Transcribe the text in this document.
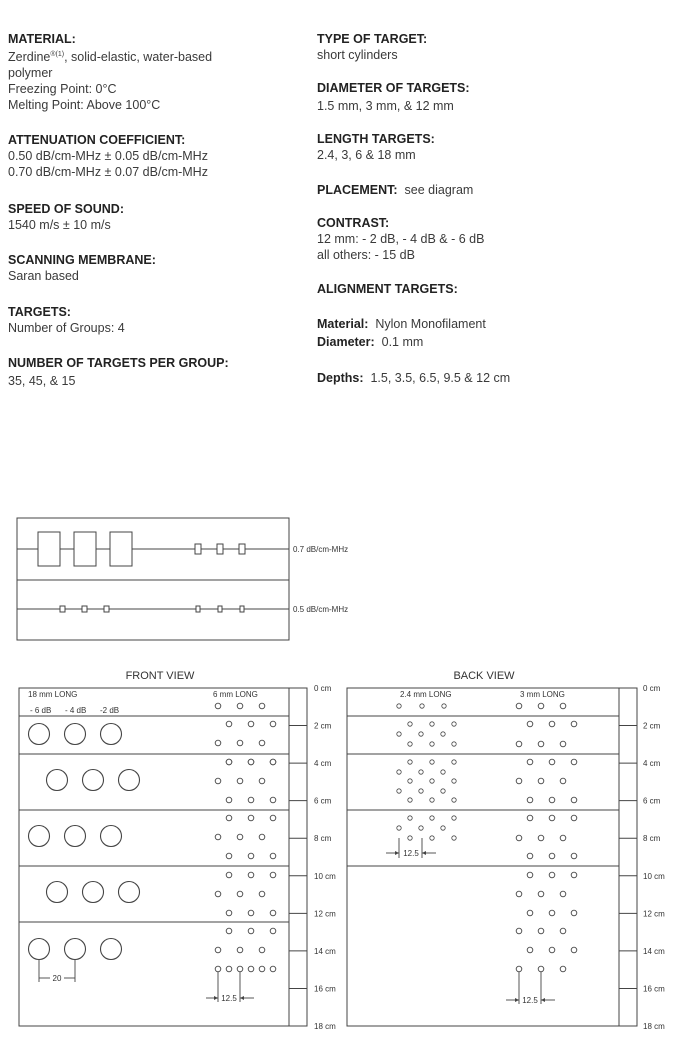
MATERIAL:
Zerdine$^{®(1)}$, solid-elastic, water-based
polymer
Freezing Point: 0°C
Melting Point: Above 100°C
ATTENUATION COEFFICIENT:
0.50 dB/cm-MHz ± 0.05 dB/cm-MHz
0.70 dB/cm-MHz ± 0.07 dB/cm-MHz
SPEED OF SOUND:
1540 m/s ± 10 m/s
SCANNING MEMBRANE:
Saran based
TARGETS:
Number of Groups: 4
NUMBER OF TARGETS PER GROUP:
35, 45, & 15
TYPE OF TARGET:
short cylinders
DIAMETER OF TARGETS:
1.5 mm, 3 mm, & 12 mm
LENGTH TARGETS:
2.4, 3, 6 & 18 mm
PLACEMENT: see diagram
CONTRAST:
12 mm: - 2 dB, - 4 dB & - 6 dB
all others: - 15 dB
ALIGNMENT TARGETS:
Material: Nylon Monofilament
Diameter: 0.1 mm
Depths: 1.5, 3.5, 6.5, 9.5 & 12 cm
0.7 dB/cm-MHz
0.5 dB/cm-MHz
FRONT VIEW
0 cm
2 cm
4 cm
6 cm
8 cm
10 cm
12 cm
14 cm
16 cm
18 cm
18 mm LONG	6 mm LONG
- 6 dB - 4 dB -2 dB
20
12.5
BACK VIEW
0 cm
2 cm
4 cm
6 cm
8 cm
10 cm
12 cm
14 cm
16 cm
18 cm
2.4 mm LONG	3 mm LONG
12.5
12.5
